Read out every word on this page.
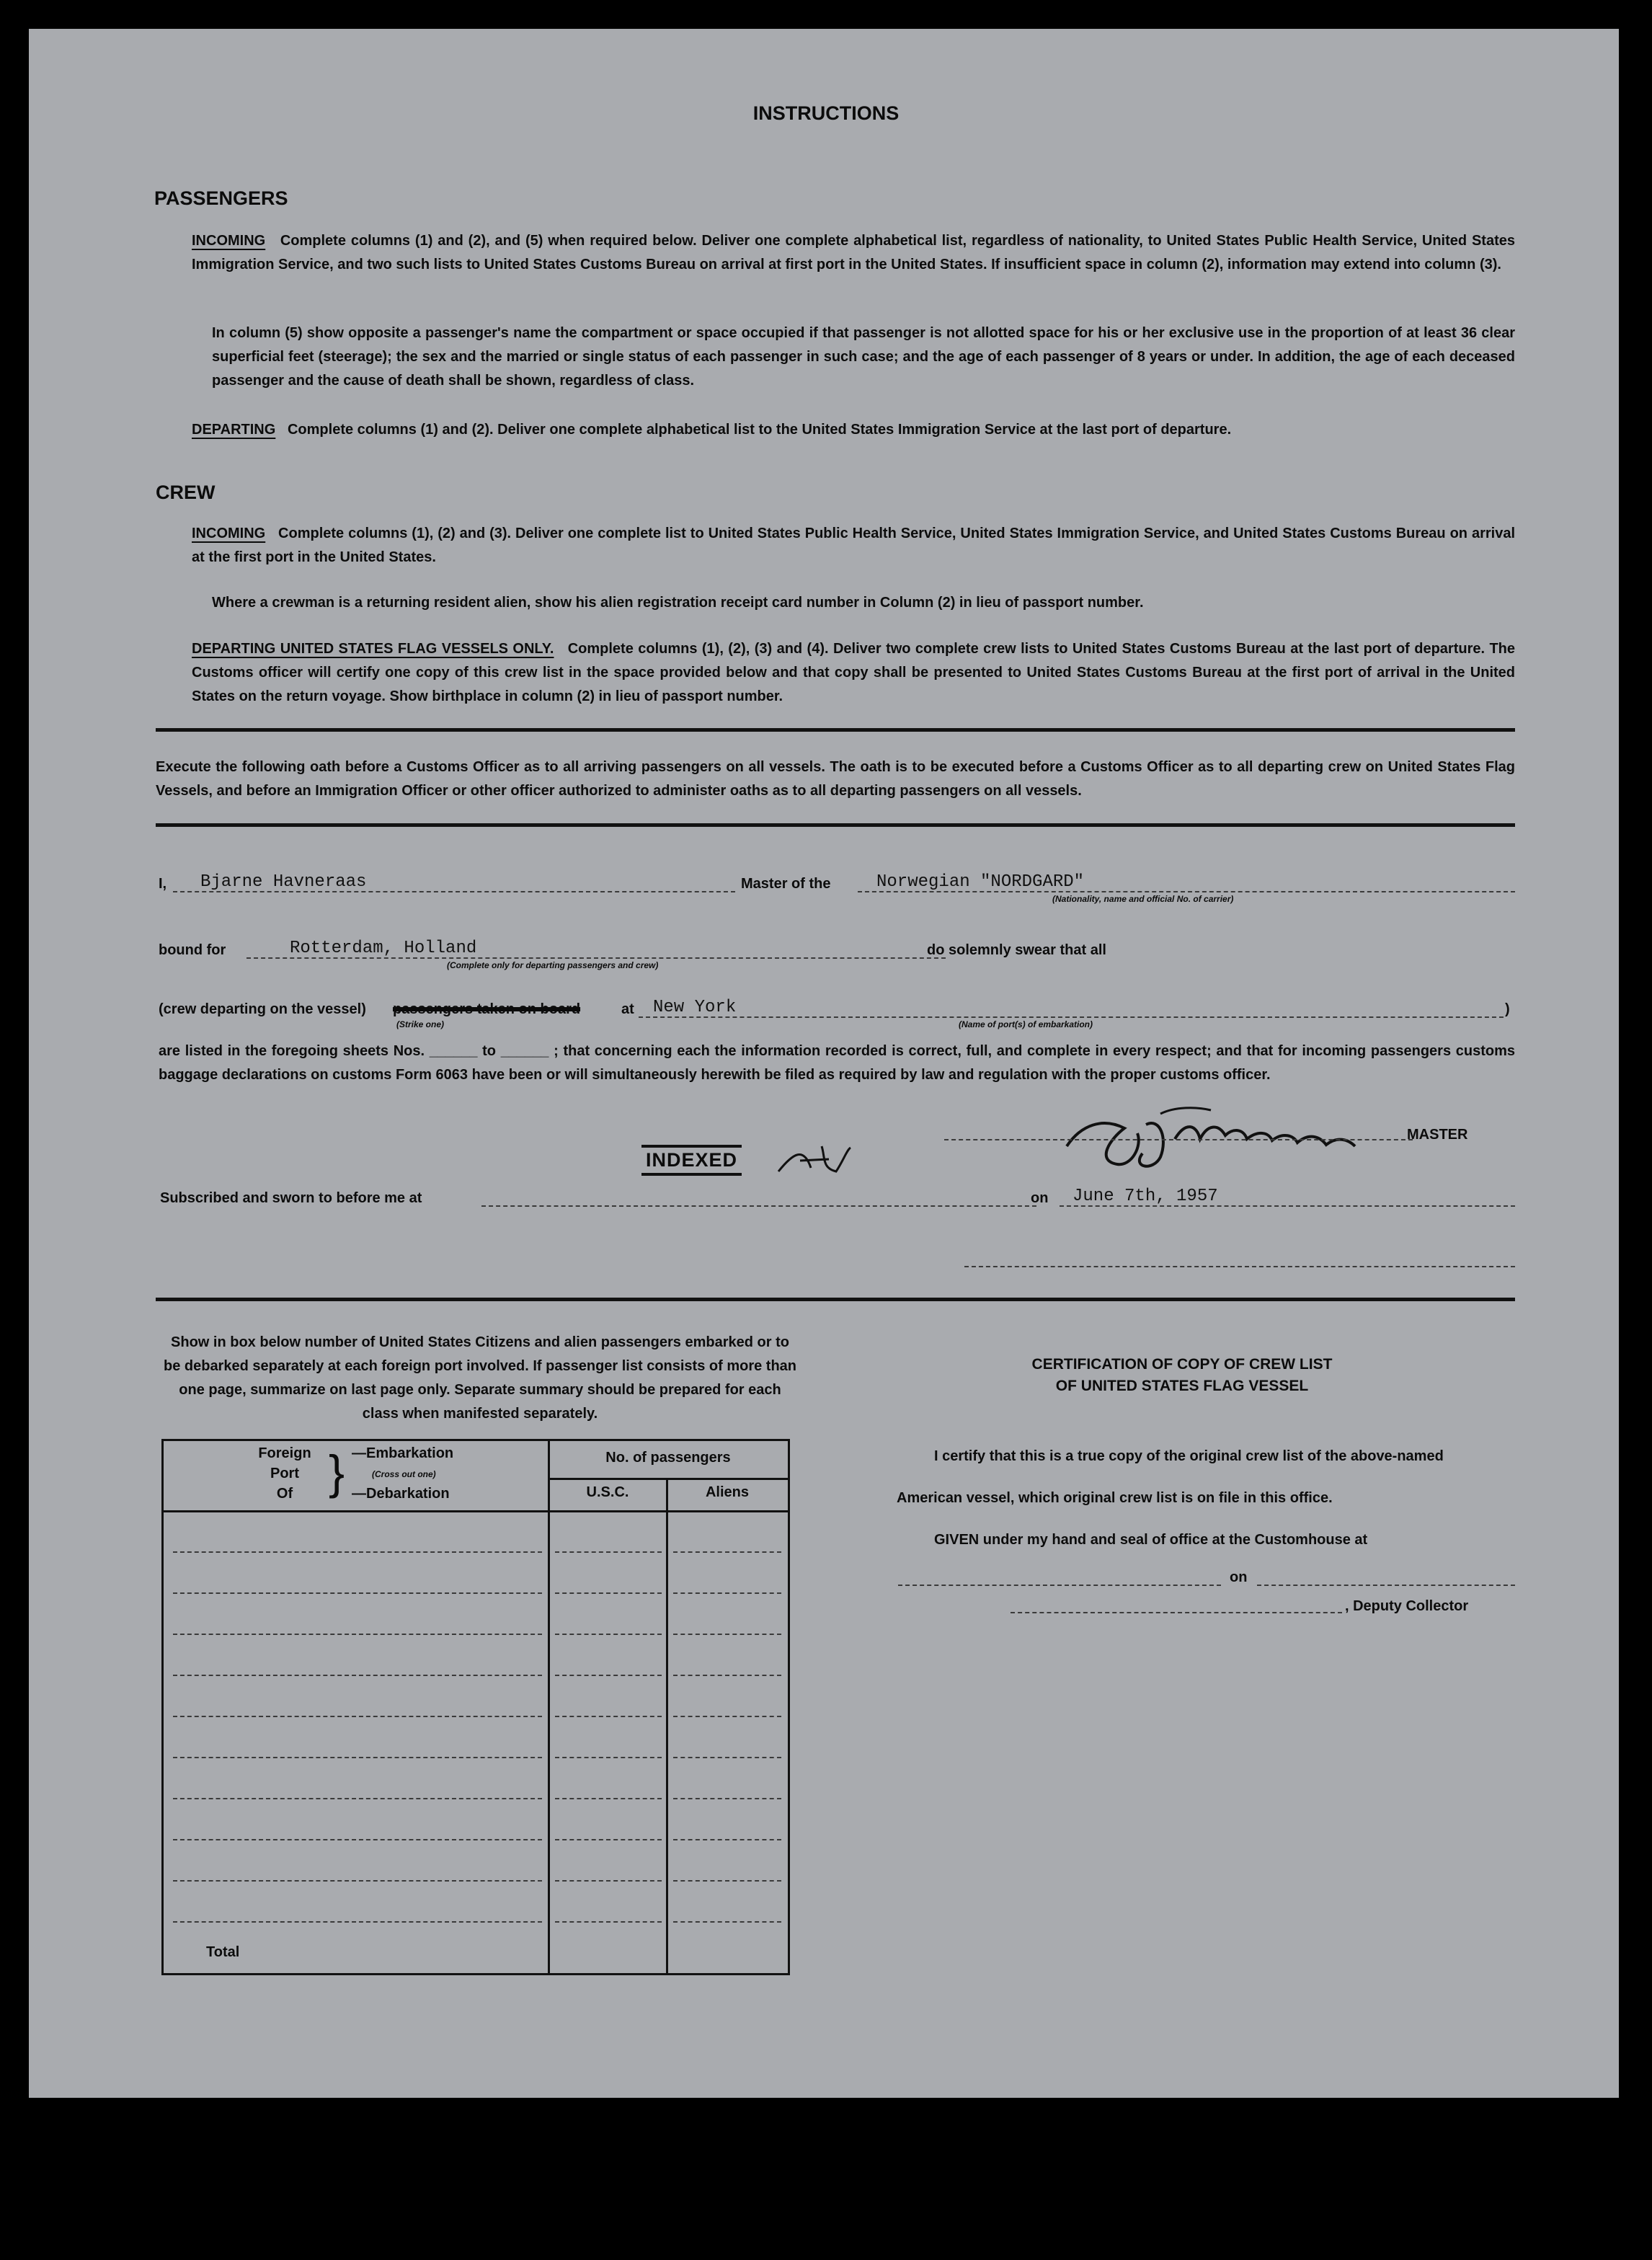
INSTRUCTIONS
PASSENGERS
INCOMING Complete columns (1) and (2), and (5) when required below. Deliver one complete alphabetical list, regardless of nationality, to United States Public Health Service, United States Immigration Service, and two such lists to United States Customs Bureau on arrival at first port in the United States. If insufficient space in column (2), information may extend into column (3).
In column (5) show opposite a passenger's name the compartment or space occupied if that passenger is not allotted space for his or her exclusive use in the proportion of at least 36 clear superficial feet (steerage); the sex and the married or single status of each passenger in such case; and the age of each passenger of 8 years or under. In addition, the age of each deceased passenger and the cause of death shall be shown, regardless of class.
DEPARTING Complete columns (1) and (2). Deliver one complete alphabetical list to the United States Immigration Service at the last port of departure.
CREW
INCOMING Complete columns (1), (2) and (3). Deliver one complete list to United States Public Health Service, United States Immigration Service, and United States Customs Bureau on arrival at the first port in the United States.
Where a crewman is a returning resident alien, show his alien registration receipt card number in Column (2) in lieu of passport number.
DEPARTING UNITED STATES FLAG VESSELS ONLY. Complete columns (1), (2), (3) and (4). Deliver two complete crew lists to United States Customs Bureau at the last port of departure. The Customs officer will certify one copy of this crew list in the space provided below and that copy shall be presented to United States Customs Bureau at the first port of arrival in the United States on the return voyage. Show birthplace in column (2) in lieu of passport number.
Execute the following oath before a Customs Officer as to all arriving passengers on all vessels. The oath is to be executed before a Customs Officer as to all departing crew on United States Flag Vessels, and before an Immigration Officer or other officer authorized to administer oaths as to all departing passengers on all vessels.
I, Bjarne Havneraas	Master of the	Norwegian "NORDGARD"
(Nationality, name and official No. of carrier)
bound for	Rotterdam, Holland
(Complete only for departing passengers and crew)
do solemnly swear that all
(crew departing on the vessel) passengers taken on board	at New York	)
(Strike one)	(Name of port(s) of embarkation)
are listed in the foregoing sheets Nos. ______ to ______ ; that concerning each the information recorded is correct, full, and complete in every respect; and that for incoming passengers customs baggage declarations on customs Form 6063 have been or will simultaneously herewith be filed as required by law and regulation with the proper customs officer.
MASTER
INDEXED
Subscribed and sworn to before me at	on June 7th, 1957
Show in box below number of United States Citizens and alien passengers embarked or to be debarked separately at each foreign port involved. If passenger list consists of more than one page, summarize on last page only. Separate summary should be prepared for each class when manifested separately.
Foreign
Port
Of } —Embarkation
(Cross out one)
—Debarkation
No. of passengers
U.S.C.	Aliens
Total
CERTIFICATION OF COPY OF CREW LIST
OF UNITED STATES FLAG VESSEL
I certify that this is a true copy of the original crew list of the above-named
American vessel, which original crew list is on file in this office.
GIVEN under my hand and seal of office at the Customhouse at
on
, Deputy Collector
